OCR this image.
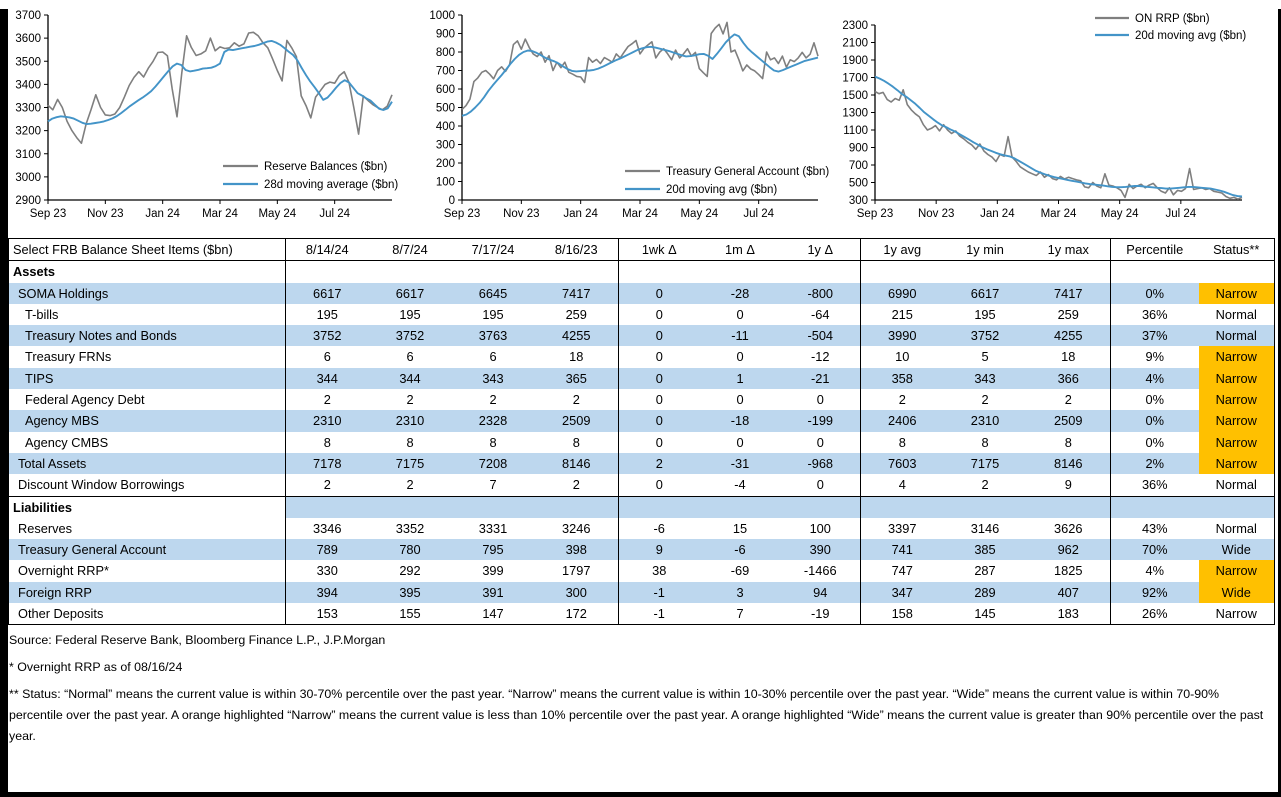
2900
3000
3100
3200
3300
3400
3500
3600
3700
Sep 23 Nov 23 Jan 24 Mar 24 May 24 Jul 24
Reserve Balances ($bn)
28d moving average ($bn)
0
100
200
300
400
500
600
700
800
900
1000
Sep 23 Nov 23 Jan 24 Mar 24 May 24 Jul 24
Treasury General Account ($bn)
20d moving avg ($bn)
300
500
700
900
1100
1300
1500
1700
1900
2100
2300
Sep 23 Nov 23 Jan 24 Mar 24 May 24 Jul 24
ON RRP ($bn)
20d moving avg ($bn)
Select FRB Balance Sheet Items ($bn)	8/14/24	8/7/24	7/17/24	8/16/23	1wk Δ	1m Δ	1y Δ	1y avg	1y min	1y max	Percentile	Status**
Assets												
SOMA Holdings	6617	6617	6645	7417	0	-28	-800	6990	6617	7417	0%	Narrow
T-bills	195	195	195	259	0	0	-64	215	195	259	36%	Normal
Treasury Notes and Bonds	3752	3752	3763	4255	0	-11	-504	3990	3752	4255	37%	Normal
Treasury FRNs	6	6	6	18	0	0	-12	10	5	18	9%	Narrow
TIPS	344	344	343	365	0	1	-21	358	343	366	4%	Narrow
Federal Agency Debt	2	2	2	2	0	0	0	2	2	2	0%	Narrow
Agency MBS	2310	2310	2328	2509	0	-18	-199	2406	2310	2509	0%	Narrow
Agency CMBS	8	8	8	8	0	0	0	8	8	8	0%	Narrow
Total Assets	7178	7175	7208	8146	2	-31	-968	7603	7175	8146	2%	Narrow
Discount Window Borrowings	2	2	7	2	0	-4	0	4	2	9	36%	Normal
Liabilities												
Reserves	3346	3352	3331	3246	-6	15	100	3397	3146	3626	43%	Normal
Treasury General Account	789	780	795	398	9	-6	390	741	385	962	70%	Wide
Overnight RRP*	330	292	399	1797	38	-69	-1466	747	287	1825	4%	Narrow
Foreign RRP	394	395	391	300	-1	3	94	347	289	407	92%	Wide
Other Deposits	153	155	147	172	-1	7	-19	158	145	183	26%	Narrow
Source: Federal Reserve Bank, Bloomberg Finance L.P., J.P.Morgan
* Overnight RRP as of 08/16/24
** Status: “Normal” means the current value is within 30-70% percentile over the past year. “Narrow” means the current value is within 10-30% percentile over the past year. “Wide” means the current value is within 70-90% percentile over the past year. A orange highlighted “Narrow” means the current value is less than 10% percentile over the past year. A orange highlighted “Wide” means the current value is greater than 90% percentile over the past year.
